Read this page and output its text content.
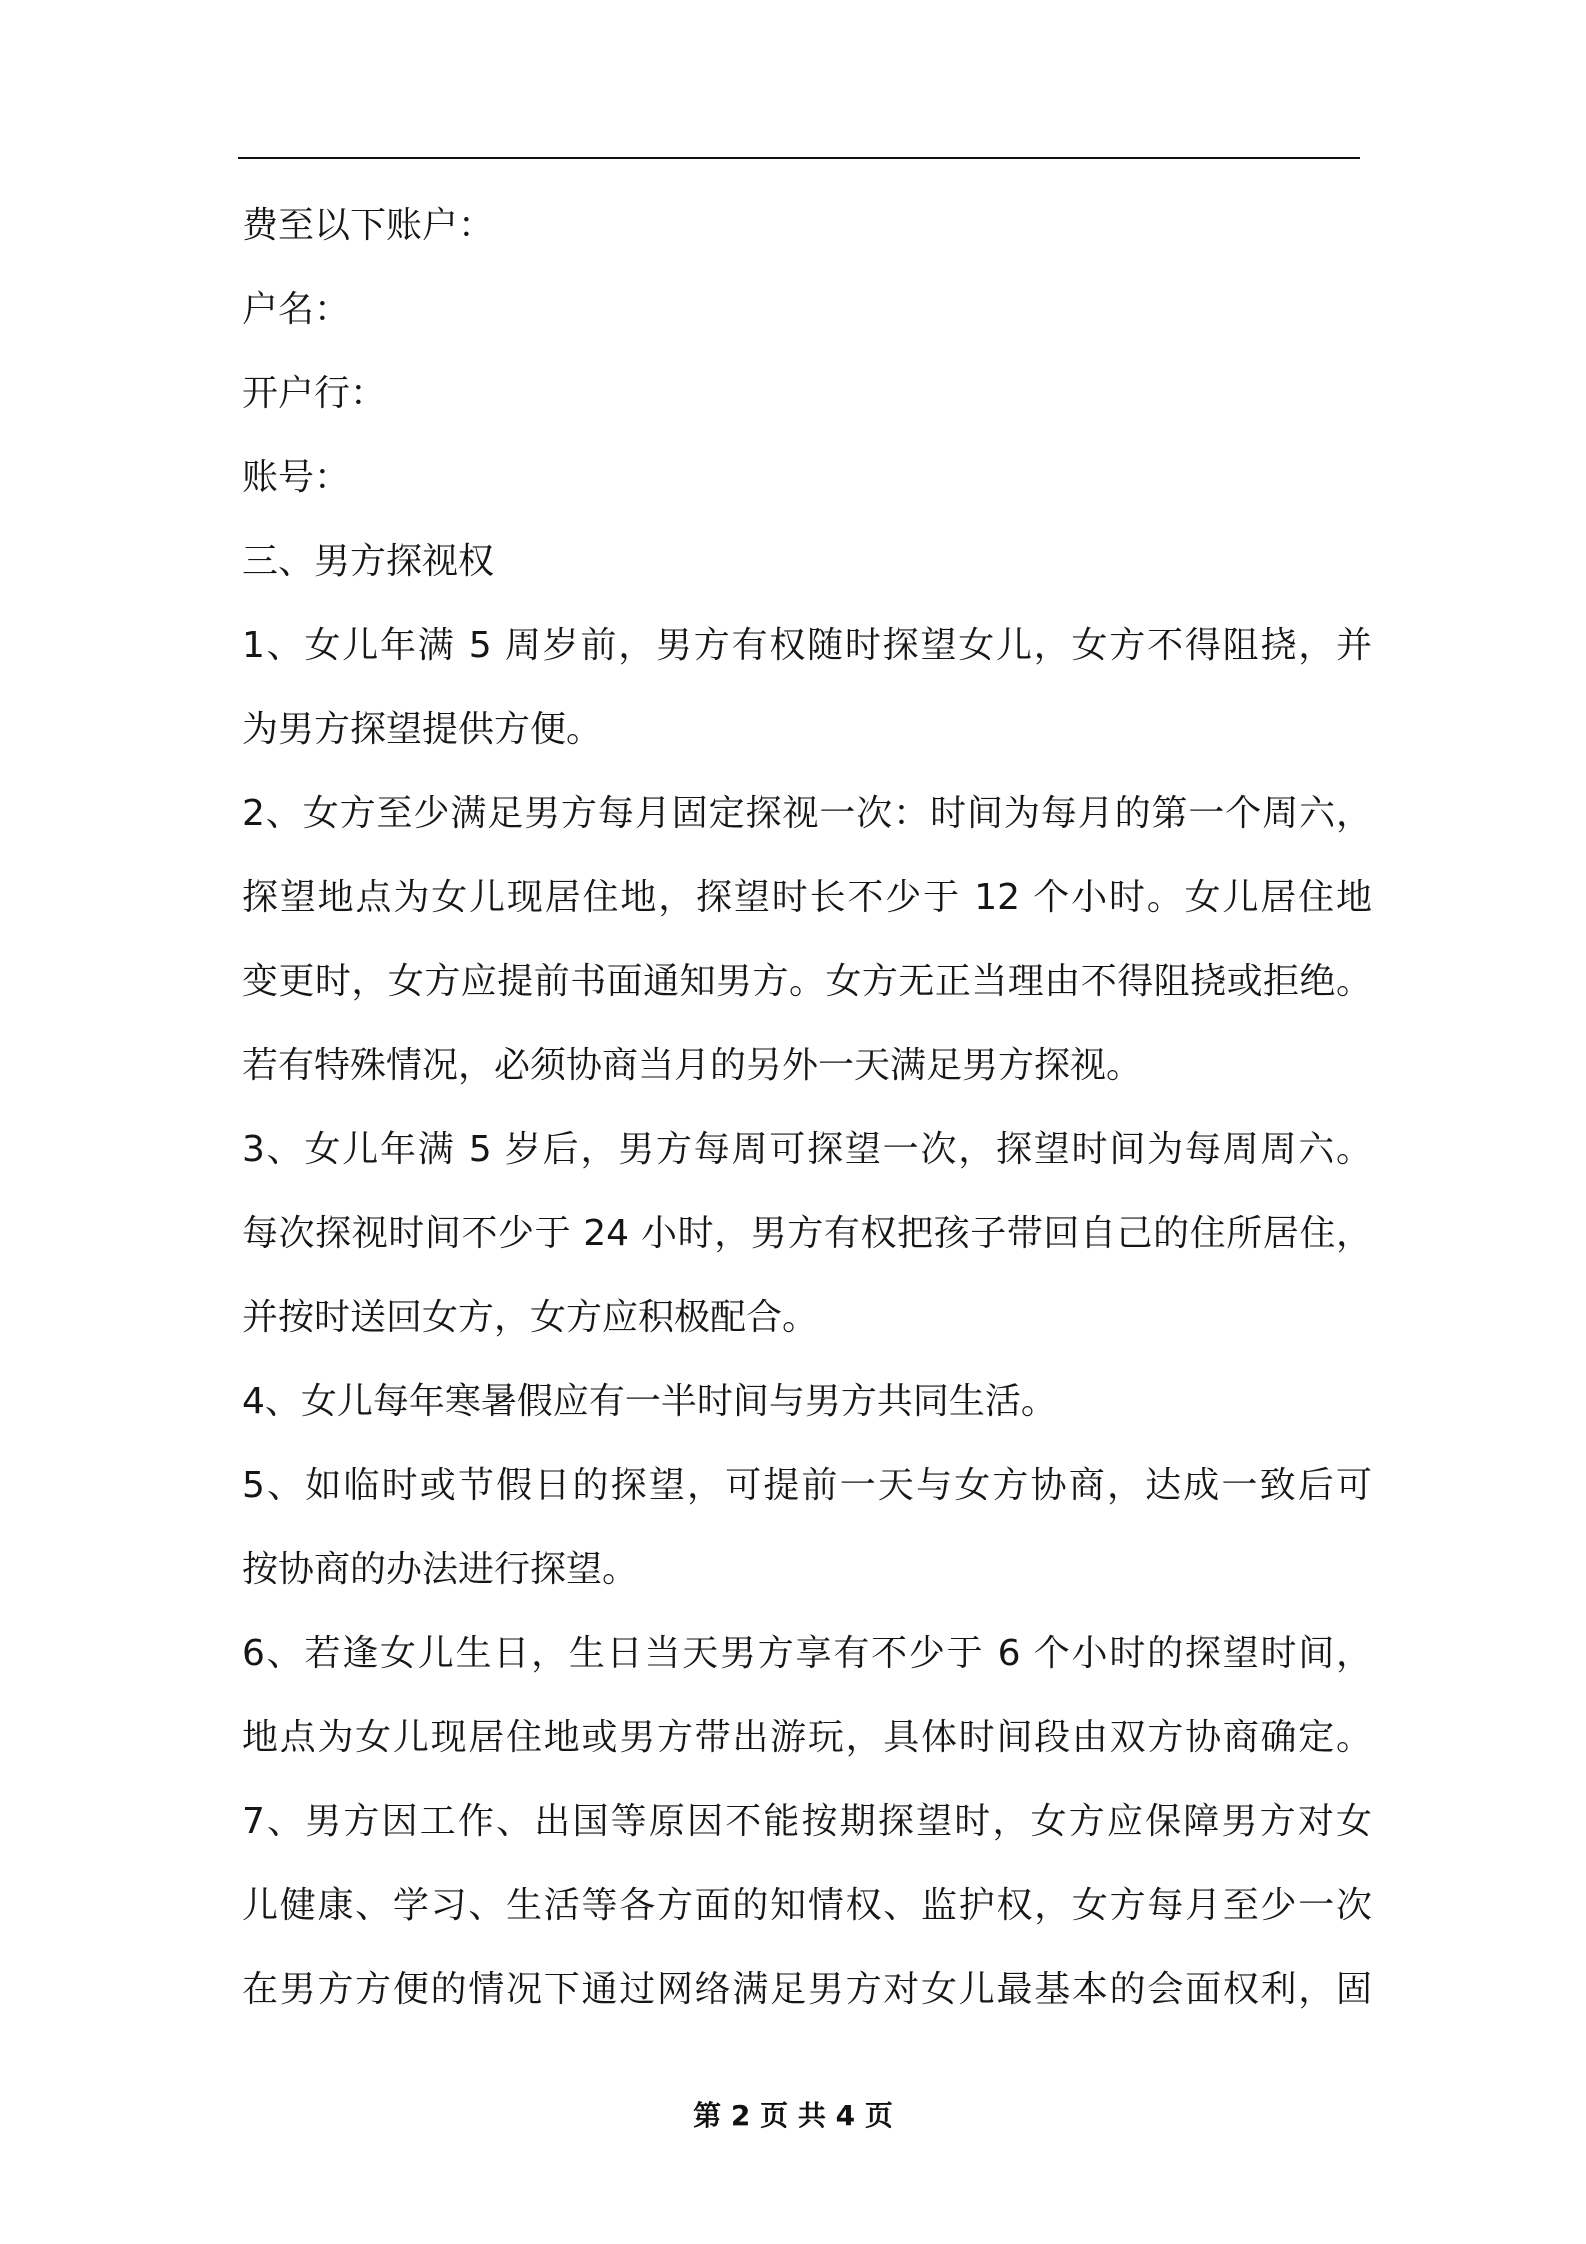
费至以下账户：
户名：
开户行：
账号：
三、男方探视权
1、女儿年满 5 周岁前，男方有权随时探望女儿，女方不得阻挠，并
为男方探望提供方便。
2、女方至少满足男方每月固定探视一次：时间为每月的第一个周六，
探望地点为女儿现居住地，探望时长不少于 12 个小时。女儿居住地
变更时，女方应提前书面通知男方。女方无正当理由不得阻挠或拒绝。
若有特殊情况，必须协商当月的另外一天满足男方探视。
3、女儿年满 5 岁后，男方每周可探望一次，探望时间为每周周六。
每次探视时间不少于 24 小时，男方有权把孩子带回自己的住所居住，
并按时送回女方，女方应积极配合。
4、女儿每年寒暑假应有一半时间与男方共同生活。
5、如临时或节假日的探望，可提前一天与女方协商，达成一致后可
按协商的办法进行探望。
6、若逢女儿生日，生日当天男方享有不少于 6 个小时的探望时间，
地点为女儿现居住地或男方带出游玩，具体时间段由双方协商确定。
7、男方因工作、出国等原因不能按期探望时，女方应保障男方对女
儿健康、学习、生活等各方面的知情权、监护权，女方每月至少一次
在男方方便的情况下通过网络满足男方对女儿最基本的会面权利，固
第 2 页 共 4 页
